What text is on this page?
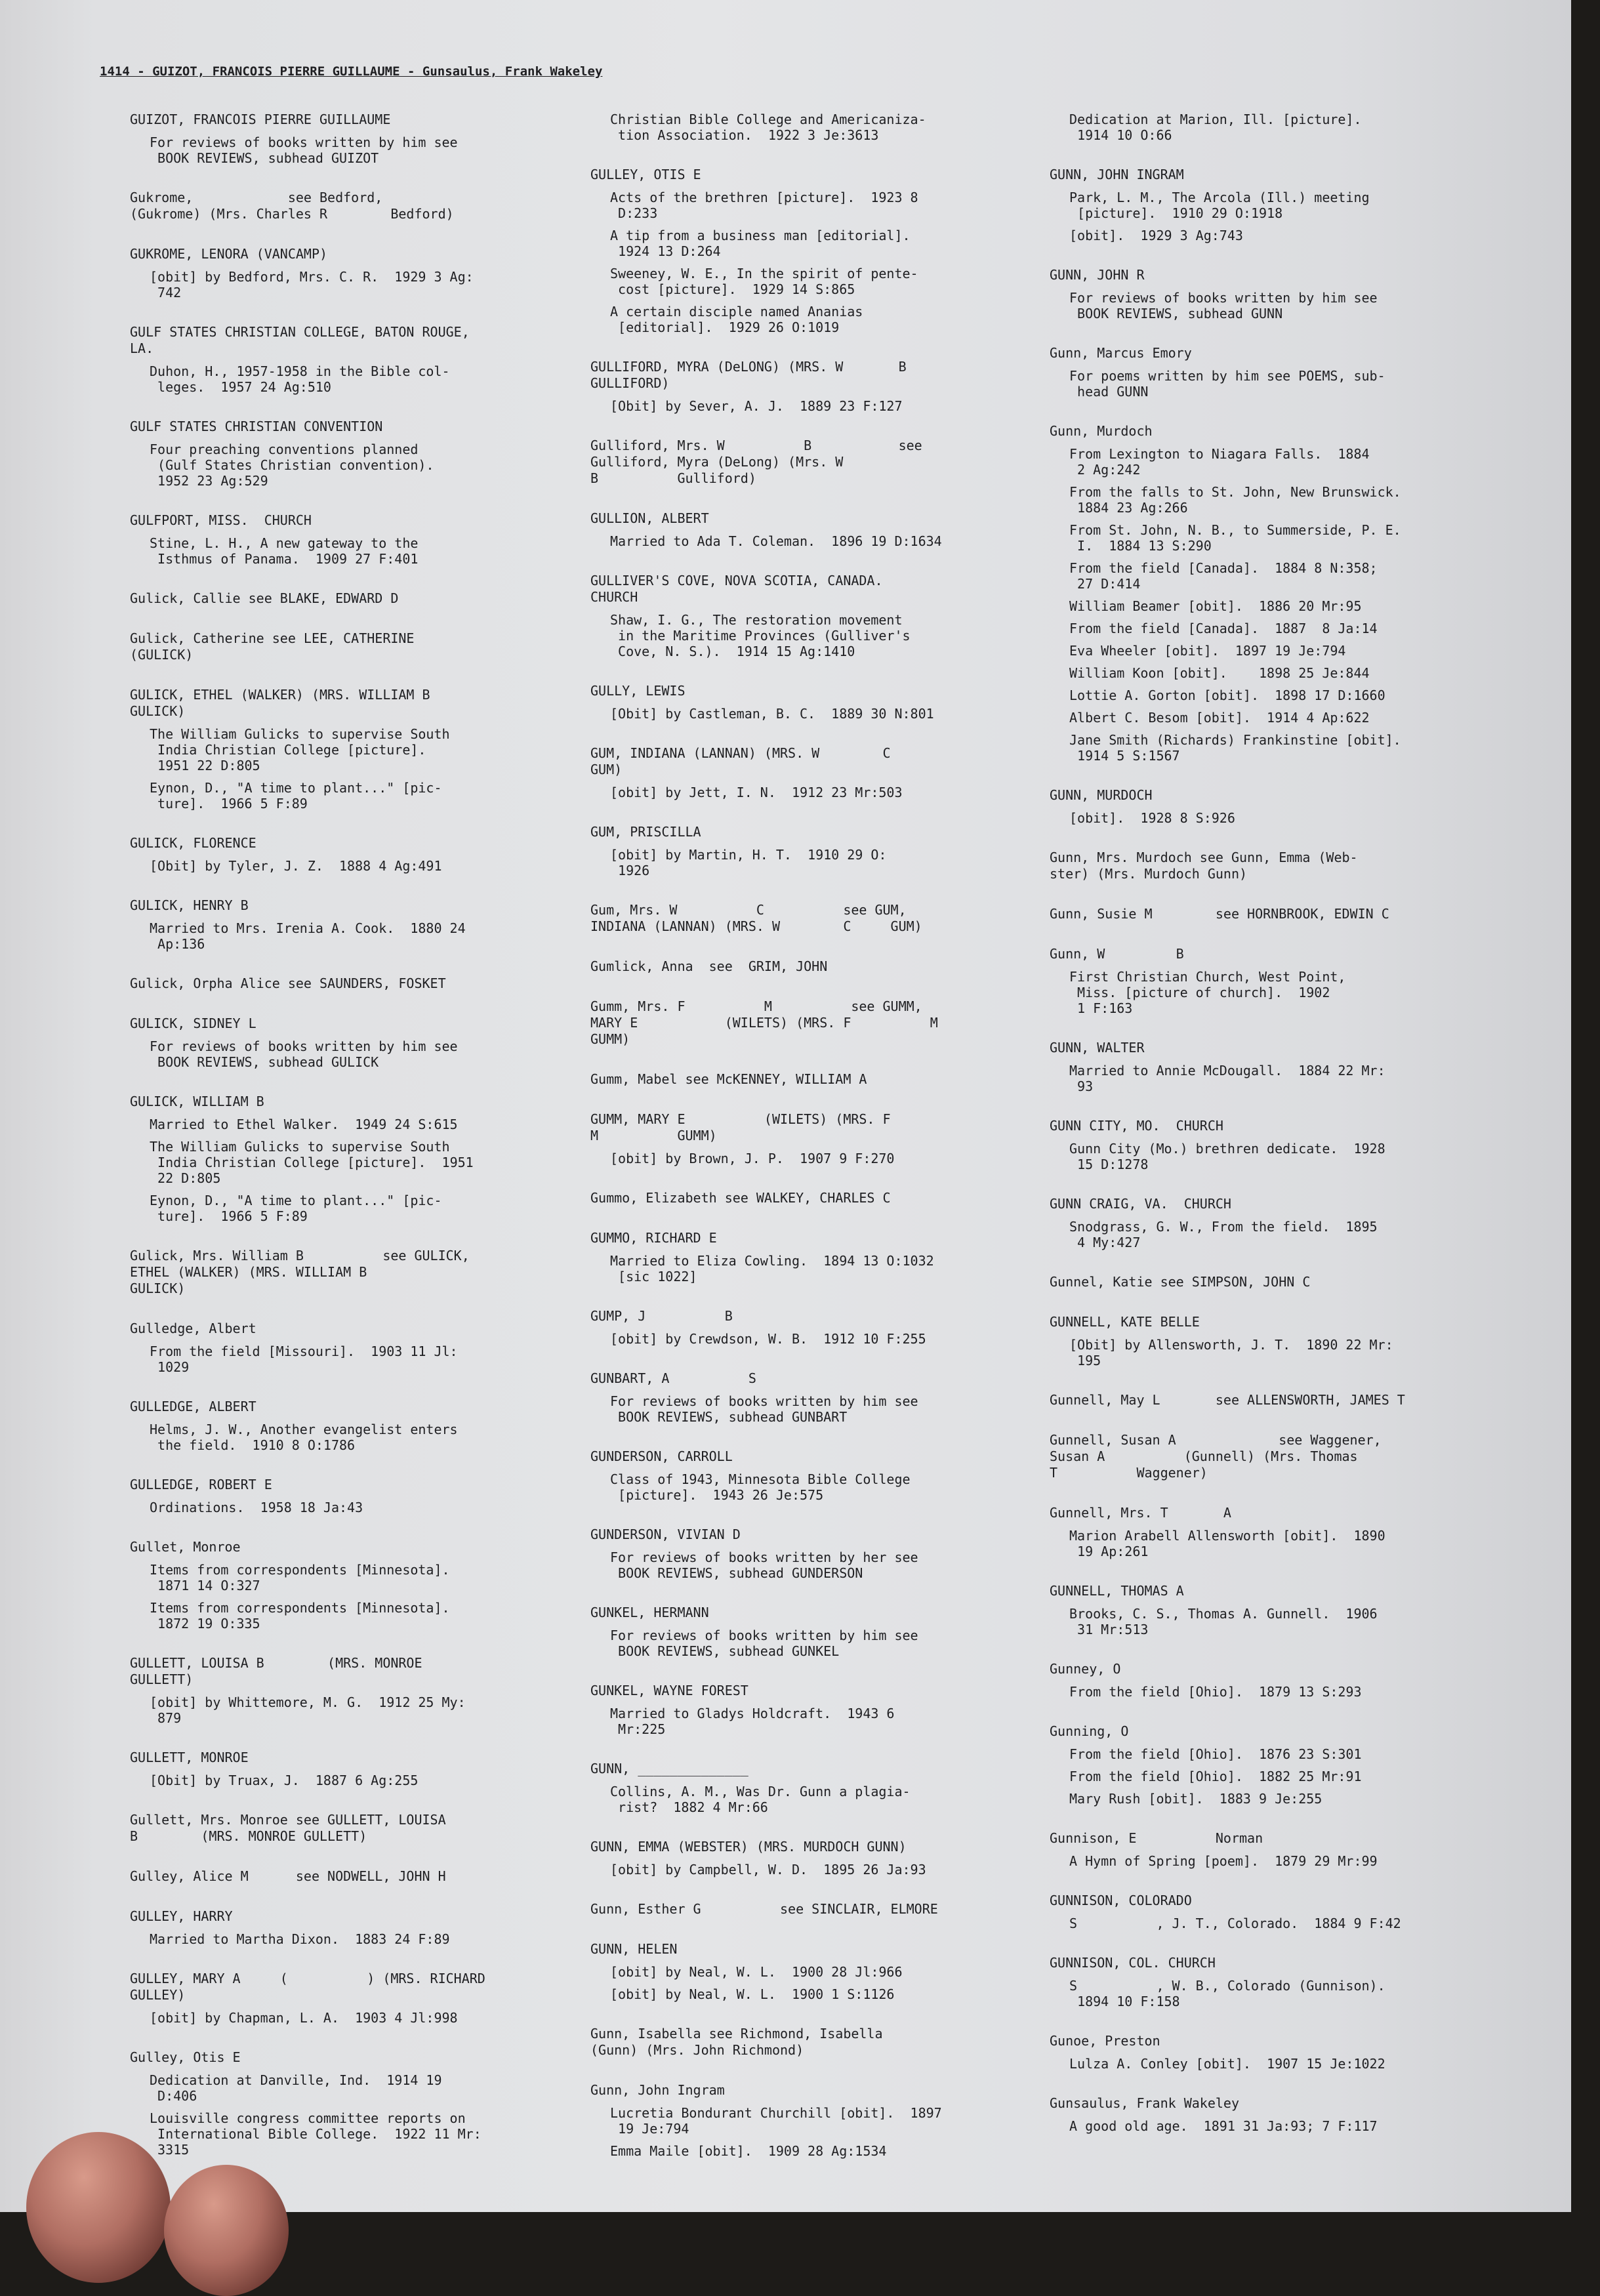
1414 - GUIZOT, FRANCOIS PIERRE GUILLAUME - Gunsaulus, Frank Wakeley
GUIZOT, FRANCOIS PIERRE GUILLAUME
For reviews of books written by him see
BOOK REVIEWS, subhead GUIZOT
Gukrome,            see Bedford,
(Gukrome) (Mrs. Charles R        Bedford)
GUKROME, LENORA (VANCAMP)
[obit] by Bedford, Mrs. C. R.  1929 3 Ag:
742
GULF STATES CHRISTIAN COLLEGE, BATON ROUGE,
LA.
Duhon, H., 1957-1958 in the Bible col-
leges.  1957 24 Ag:510
GULF STATES CHRISTIAN CONVENTION
Four preaching conventions planned
(Gulf States Christian convention).
1952 23 Ag:529
GULFPORT, MISS.  CHURCH
Stine, L. H., A new gateway to the
Isthmus of Panama.  1909 27 F:401
Gulick, Callie see BLAKE, EDWARD D
Gulick, Catherine see LEE, CATHERINE
(GULICK)
GULICK, ETHEL (WALKER) (MRS. WILLIAM B
GULICK)
The William Gulicks to supervise South
India Christian College [picture].
1951 22 D:805
Eynon, D., "A time to plant..." [pic-
ture].  1966 5 F:89
GULICK, FLORENCE
[Obit] by Tyler, J. Z.  1888 4 Ag:491
GULICK, HENRY B
Married to Mrs. Irenia A. Cook.  1880 24
Ap:136
Gulick, Orpha Alice see SAUNDERS, FOSKET
GULICK, SIDNEY L
For reviews of books written by him see
BOOK REVIEWS, subhead GULICK
GULICK, WILLIAM B
Married to Ethel Walker.  1949 24 S:615
The William Gulicks to supervise South
India Christian College [picture].  1951
22 D:805
Eynon, D., "A time to plant..." [pic-
ture].  1966 5 F:89
Gulick, Mrs. William B          see GULICK,
ETHEL (WALKER) (MRS. WILLIAM B
GULICK)
Gulledge, Albert
From the field [Missouri].  1903 11 Jl:
1029
GULLEDGE, ALBERT
Helms, J. W., Another evangelist enters
the field.  1910 8 O:1786
GULLEDGE, ROBERT E
Ordinations.  1958 18 Ja:43
Gullet, Monroe
Items from correspondents [Minnesota].
1871 14 O:327
Items from correspondents [Minnesota].
1872 19 O:335
GULLETT, LOUISA B        (MRS. MONROE
GULLETT)
[obit] by Whittemore, M. G.  1912 25 My:
879
GULLETT, MONROE
[Obit] by Truax, J.  1887 6 Ag:255
Gullett, Mrs. Monroe see GULLETT, LOUISA
B        (MRS. MONROE GULLETT)
Gulley, Alice M      see NODWELL, JOHN H
GULLEY, HARRY
Married to Martha Dixon.  1883 24 F:89
GULLEY, MARY A     (          ) (MRS. RICHARD
GULLEY)
[obit] by Chapman, L. A.  1903 4 Jl:998
Gulley, Otis E
Dedication at Danville, Ind.  1914 19
D:406
Louisville congress committee reports on
International Bible College.  1922 11 Mr:
3315
Christian Bible College and Americaniza-
tion Association.  1922 3 Je:3613
GULLEY, OTIS E
Acts of the brethren [picture].  1923 8
D:233
A tip from a business man [editorial].
1924 13 D:264
Sweeney, W. E., In the spirit of pente-
cost [picture].  1929 14 S:865
A certain disciple named Ananias
[editorial].  1929 26 O:1019
GULLIFORD, MYRA (DeLONG) (MRS. W       B
GULLIFORD)
[Obit] by Sever, A. J.  1889 23 F:127
Gulliford, Mrs. W          B           see
Gulliford, Myra (DeLong) (Mrs. W
B          Gulliford)
GULLION, ALBERT
Married to Ada T. Coleman.  1896 19 D:1634
GULLIVER'S COVE, NOVA SCOTIA, CANADA.
CHURCH
Shaw, I. G., The restoration movement
in the Maritime Provinces (Gulliver's
Cove, N. S.).  1914 15 Ag:1410
GULLY, LEWIS
[Obit] by Castleman, B. C.  1889 30 N:801
GUM, INDIANA (LANNAN) (MRS. W        C
GUM)
[obit] by Jett, I. N.  1912 23 Mr:503
GUM, PRISCILLA
[obit] by Martin, H. T.  1910 29 O:
1926
Gum, Mrs. W          C          see GUM,
INDIANA (LANNAN) (MRS. W        C     GUM)
Gumlick, Anna  see  GRIM, JOHN
Gumm, Mrs. F          M          see GUMM,
MARY E           (WILETS) (MRS. F          M
GUMM)
Gumm, Mabel see McKENNEY, WILLIAM A
GUMM, MARY E          (WILETS) (MRS. F
M          GUMM)
[obit] by Brown, J. P.  1907 9 F:270
Gummo, Elizabeth see WALKEY, CHARLES C
GUMMO, RICHARD E
Married to Eliza Cowling.  1894 13 O:1032
[sic 1022]
GUMP, J          B
[obit] by Crewdson, W. B.  1912 10 F:255
GUNBART, A          S
For reviews of books written by him see
BOOK REVIEWS, subhead GUNBART
GUNDERSON, CARROLL
Class of 1943, Minnesota Bible College
[picture].  1943 26 Je:575
GUNDERSON, VIVIAN D
For reviews of books written by her see
BOOK REVIEWS, subhead GUNDERSON
GUNKEL, HERMANN
For reviews of books written by him see
BOOK REVIEWS, subhead GUNKEL
GUNKEL, WAYNE FOREST
Married to Gladys Holdcraft.  1943 6
Mr:225
GUNN, ______________
Collins, A. M., Was Dr. Gunn a plagia-
rist?  1882 4 Mr:66
GUNN, EMMA (WEBSTER) (MRS. MURDOCH GUNN)
[obit] by Campbell, W. D.  1895 26 Ja:93
Gunn, Esther G          see SINCLAIR, ELMORE
GUNN, HELEN
[obit] by Neal, W. L.  1900 28 Jl:966
[obit] by Neal, W. L.  1900 1 S:1126
Gunn, Isabella see Richmond, Isabella
(Gunn) (Mrs. John Richmond)
Gunn, John Ingram
Lucretia Bondurant Churchill [obit].  1897
19 Je:794
Emma Maile [obit].  1909 28 Ag:1534
Dedication at Marion, Ill. [picture].
1914 10 O:66
GUNN, JOHN INGRAM
Park, L. M., The Arcola (Ill.) meeting
[picture].  1910 29 O:1918
[obit].  1929 3 Ag:743
GUNN, JOHN R
For reviews of books written by him see
BOOK REVIEWS, subhead GUNN
Gunn, Marcus Emory
For poems written by him see POEMS, sub-
head GUNN
Gunn, Murdoch
From Lexington to Niagara Falls.  1884
2 Ag:242
From the falls to St. John, New Brunswick.
1884 23 Ag:266
From St. John, N. B., to Summerside, P. E.
I.  1884 13 S:290
From the field [Canada].  1884 8 N:358;
27 D:414
William Beamer [obit].  1886 20 Mr:95
From the field [Canada].  1887  8 Ja:14
Eva Wheeler [obit].  1897 19 Je:794
William Koon [obit].    1898 25 Je:844
Lottie A. Gorton [obit].  1898 17 D:1660
Albert C. Besom [obit].  1914 4 Ap:622
Jane Smith (Richards) Frankinstine [obit].
1914 5 S:1567
GUNN, MURDOCH
[obit].  1928 8 S:926
Gunn, Mrs. Murdoch see Gunn, Emma (Web-
ster) (Mrs. Murdoch Gunn)
Gunn, Susie M        see HORNBROOK, EDWIN C
Gunn, W         B
First Christian Church, West Point,
Miss. [picture of church].  1902
1 F:163
GUNN, WALTER
Married to Annie McDougall.  1884 22 Mr:
93
GUNN CITY, MO.  CHURCH
Gunn City (Mo.) brethren dedicate.  1928
15 D:1278
GUNN CRAIG, VA.  CHURCH
Snodgrass, G. W., From the field.  1895
4 My:427
Gunnel, Katie see SIMPSON, JOHN C
GUNNELL, KATE BELLE
[Obit] by Allensworth, J. T.  1890 22 Mr:
195
Gunnell, May L       see ALLENSWORTH, JAMES T
Gunnell, Susan A             see Waggener,
Susan A          (Gunnell) (Mrs. Thomas
T          Waggener)
Gunnell, Mrs. T       A
Marion Arabell Allensworth [obit].  1890
19 Ap:261
GUNNELL, THOMAS A
Brooks, C. S., Thomas A. Gunnell.  1906
31 Mr:513
Gunney, O
From the field [Ohio].  1879 13 S:293
Gunning, O
From the field [Ohio].  1876 23 S:301
From the field [Ohio].  1882 25 Mr:91
Mary Rush [obit].  1883 9 Je:255
Gunnison, E          Norman
A Hymn of Spring [poem].  1879 29 Mr:99
GUNNISON, COLORADO
S          , J. T., Colorado.  1884 9 F:42
GUNNISON, COL. CHURCH
S          , W. B., Colorado (Gunnison).
1894 10 F:158
Gunoe, Preston
Lulza A. Conley [obit].  1907 15 Je:1022
Gunsaulus, Frank Wakeley
A good old age.  1891 31 Ja:93; 7 F:117
